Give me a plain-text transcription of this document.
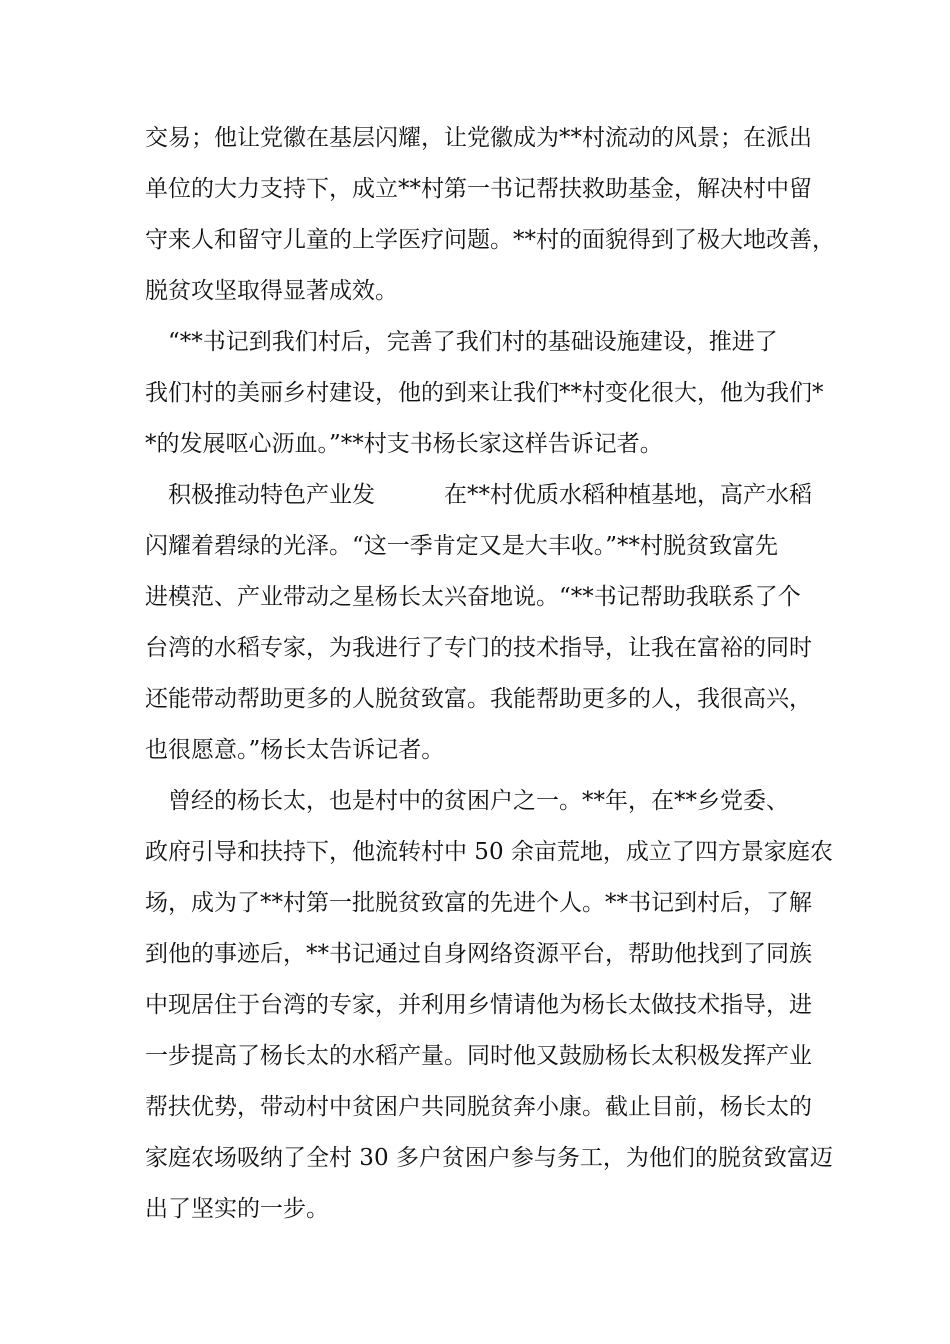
交易；他让党徽在基层闪耀，让党徽成为**村流动的风景；在派出
单位的大力支持下，成立**村第一书记帮扶救助基金，解决村中留
守来人和留守儿童的上学医疗问题。**村的面貌得到了极大地改善，
脱贫攻坚取得显著成效。
　“**书记到我们村后，完善了我们村的基础设施建设，推进了
我们村的美丽乡村建设，他的到来让我们**村变化很大，他为我们*
*的发展呕心沥血。”**村支书杨长家这样告诉记者。
　积极推动特色产业发　　　在**村优质水稻种植基地，高产水稻
闪耀着碧绿的光泽。“这一季肯定又是大丰收。”**村脱贫致富先
进模范、产业带动之星杨长太兴奋地说。“**书记帮助我联系了个
台湾的水稻专家，为我进行了专门的技术指导，让我在富裕的同时
还能带动帮助更多的人脱贫致富。我能帮助更多的人，我很高兴，
也很愿意。”杨长太告诉记者。
　曾经的杨长太，也是村中的贫困户之一。**年，在**乡党委、
政府引导和扶持下，他流转村中 50 余亩荒地，成立了四方景家庭农
场，成为了**村第一批脱贫致富的先进个人。**书记到村后，了解
到他的事迹后，**书记通过自身网络资源平台，帮助他找到了同族
中现居住于台湾的专家，并利用乡情请他为杨长太做技术指导，进
一步提高了杨长太的水稻产量。同时他又鼓励杨长太积极发挥产业
帮扶优势，带动村中贫困户共同脱贫奔小康。截止目前，杨长太的
家庭农场吸纳了全村 30 多户贫困户参与务工，为他们的脱贫致富迈
出了坚实的一步。
